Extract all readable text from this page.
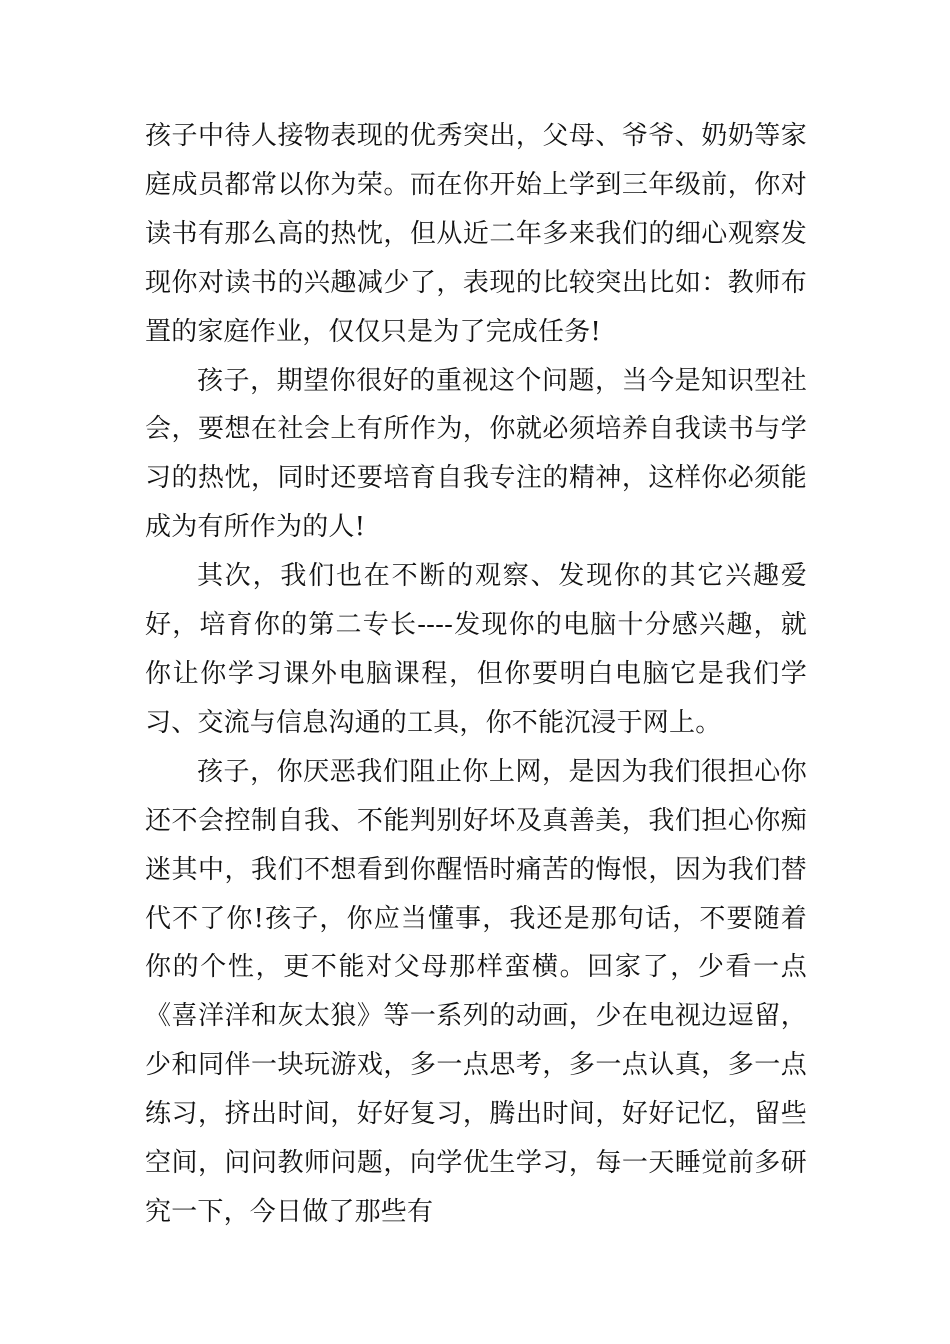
孩子中待人接物表现的优秀突出，父母、爷爷、奶奶等家庭成员都常以你为荣。而在你开始上学到三年级前，你对读书有那么高的热忱，但从近二年多来我们的细心观察发现你对读书的兴趣减少了，表现的比较突出比如：教师布置的家庭作业，仅仅只是为了完成任务!

孩子，期望你很好的重视这个问题，当今是知识型社会，要想在社会上有所作为，你就必须培养自我读书与学习的热忱，同时还要培育自我专注的精神，这样你必须能成为有所作为的人!

其次，我们也在不断的观察、发现你的其它兴趣爱好，培育你的第二专长----发现你的电脑十分感兴趣，就你让你学习课外电脑课程，但你要明白电脑它是我们学习、交流与信息沟通的工具，你不能沉浸于网上。

孩子，你厌恶我们阻止你上网，是因为我们很担心你还不会控制自我、不能判别好坏及真善美，我们担心你痴迷其中，我们不想看到你醒悟时痛苦的悔恨，因为我们替代不了你!孩子，你应当懂事，我还是那句话，不要随着你的个性，更不能对父母那样蛮横。回家了，少看一点《喜洋洋和灰太狼》等一系列的动画，少在电视边逗留，少和同伴一块玩游戏，多一点思考，多一点认真，多一点练习，挤出时间，好好复习，腾出时间，好好记忆，留些空间，问问教师问题，向学优生学习，每一天睡觉前多研究一下，今日做了那些有
